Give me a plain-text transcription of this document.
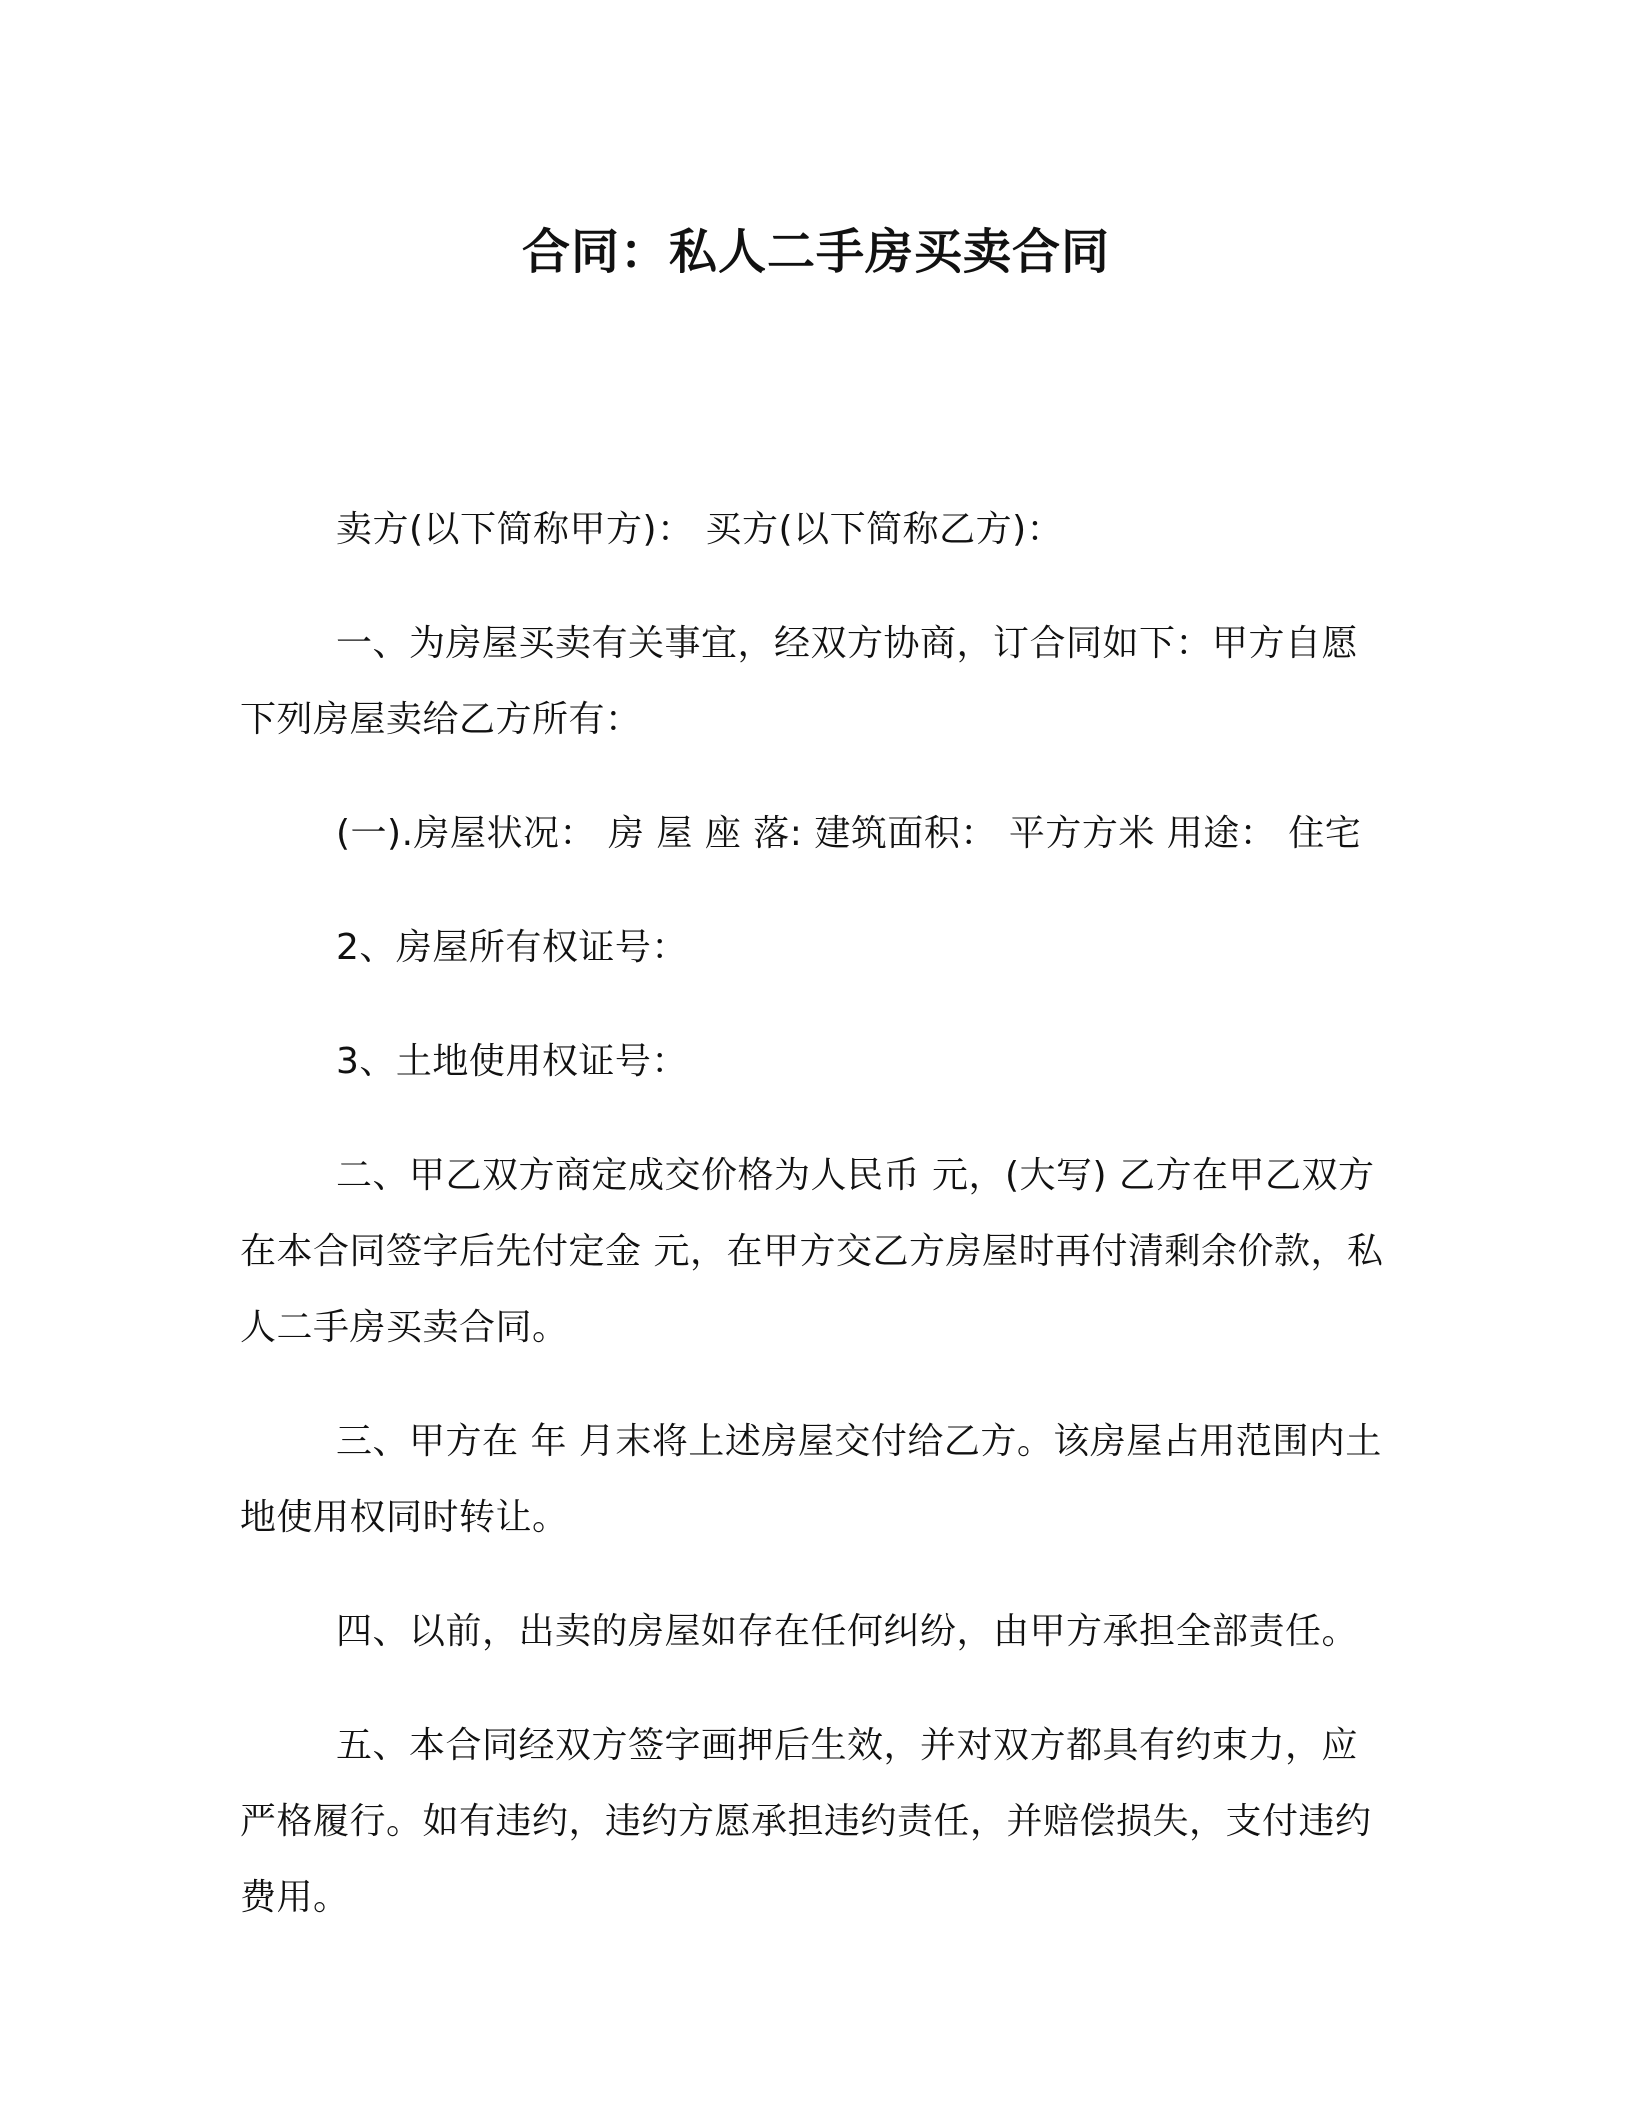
合同：私人二手房买卖合同

卖方(以下简称甲方)： 买方(以下简称乙方)：

一、为房屋买卖有关事宜，经双方协商，订合同如下：甲方自愿下列房屋卖给乙方所有：

(一).房屋状况： 房 屋 座 落: 建筑面积： 平方方米 用途： 住宅

2、房屋所有权证号：

3、土地使用权证号：

二、甲乙双方商定成交价格为人民币 元，(大写) 乙方在甲乙双方在本合同签字后先付定金 元，在甲方交乙方房屋时再付清剩余价款，私人二手房买卖合同。

三、甲方在 年 月末将上述房屋交付给乙方。该房屋占用范围内土地使用权同时转让。

四、以前，出卖的房屋如存在任何纠纷，由甲方承担全部责任。

五、本合同经双方签字画押后生效，并对双方都具有约束力，应严格履行。如有违约，违约方愿承担违约责任，并赔偿损失，支付违约费用。
